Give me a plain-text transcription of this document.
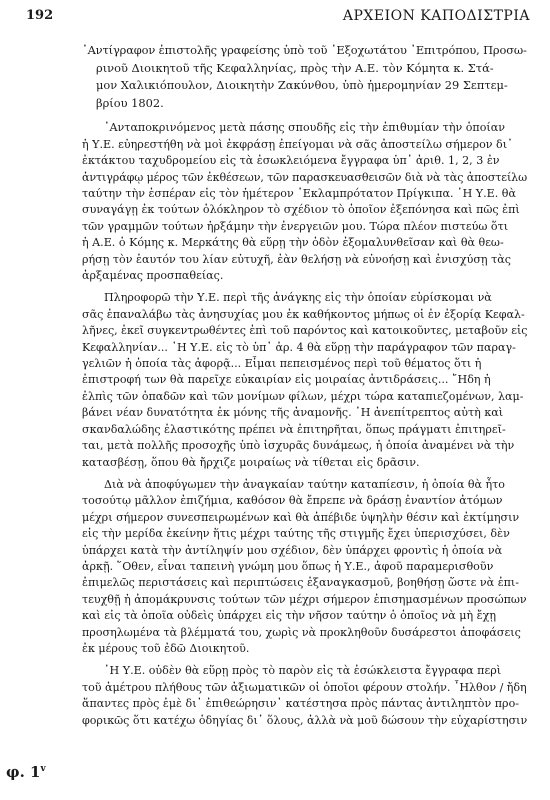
192	ΑΡΧΕΙΟΝ ΚΑΠΟΔΙΣΤΡΙΑ

᾽Αντίγραφον ἐπιστολῆς γραφείσης ὑπὸ τοῦ ᾽Εξοχωτάτου ᾽Επιτρόπου, Προσω-
ρινοῦ Διοικητοῦ τῆς Κεφαλληνίας, πρὸς τὴν Α.Ε. τὸν Κόμητα κ. Στά-
μον Χαλικιόπουλον, Διοικητὴν Ζακύνθου, ὑπὸ ἡμερομηνίαν 29 Σεπτεμ-
βρίου 1802.

᾽Ανταποκρινόμενος μετὰ πάσης σπουδῆς εἰς τὴν ἐπιθυμίαν τὴν ὁποίαν
ἡ Υ.Ε. εὐηρεστήθη νὰ μοὶ ἐκφράσῃ ἐπείγομαι νὰ σᾶς ἀποστείλω σήμερον δι᾽
ἐκτάκτου ταχυδρομείου εἰς τὰ ἐσωκλειόμενα ἔγγραφα ὑπ᾽ ἀριθ. 1, 2, 3 ἐν
ἀντιγράφῳ μέρος τῶν ἐκθέσεων, τῶν παρασκευασθεισῶν διὰ νὰ τὰς ἀποστείλω
ταύτην τὴν ἑσπέραν εἰς τὸν ἡμέτερον ᾽Εκλαμπρότατον Πρίγκιπα. ῾Η Υ.Ε. θὰ
συναγάγῃ ἐκ τούτων ὁλόκληρον τὸ σχέδιον τὸ ὁποῖον ἐξεπόνησα καὶ πῶς ἐπὶ
τῶν γραμμῶν τούτων ἠρξάμην τὴν ἐνεργειῶν μου. Τώρα πλέον πιστεύω ὅτι
ἡ Α.Ε. ὁ Κόμης κ. Μερκάτης θὰ εὕρῃ τὴν ὁδὸν ἐξομαλυνθεῖσαν καὶ θὰ θεω-
ρήσῃ τὸν ἑαυτόν του λίαν εὐτυχῆ, ἐὰν θελήσῃ νὰ εὐνοήσῃ καὶ ἐνισχύσῃ τὰς
ἀρξαμένας προσπαθείας.

Πληροφορῶ τὴν Υ.Ε. περὶ τῆς ἀνάγκης εἰς τὴν ὁποίαν εὑρίσκομαι νὰ
σᾶς ἐπαναλάβω τὰς ἀνησυχίας μου ἐκ καθήκοντος μήπως οἱ ἐν ἐξορίᾳ Κεφαλ-
λῆνες, ἐκεῖ συγκεντρωθέντες ἐπὶ τοῦ παρόντος καὶ κατοικοῦντες, μεταβοῦν εἰς
Κεφαλληνίαν... ῾Η Υ.Ε. εἰς τὸ ὑπ᾽ ἀρ. 4 θὰ εὕρῃ τὴν παράγραφον τῶν παραγ-
γελιῶν ἡ ὁποία τὰς ἀφορᾷ... Εἶμαι πεπεισμένος περὶ τοῦ θέματος ὅτι ἡ
ἐπιστροφή των θὰ παρεῖχε εὐκαιρίαν εἰς μοιραίας ἀντιδράσεις... ῎Ηδη ἡ
ἐλπὶς τῶν ὀπαδῶν καὶ τῶν μονίμων φίλων, μέχρι τώρα καταπιεζομένων, λαμ-
βάνει νέαν δυνατότητα ἐκ μόνης τῆς ἀναμονῆς. ῾Η ἀνεπίτρεπτος αὐτὴ καὶ
σκανδαλώδης ἐλαστικότης πρέπει νὰ ἐπιτηρῆται, ὅπως πράγματι ἐπιτηρεῖ-
ται, μετὰ πολλῆς προσοχῆς ὑπὸ ἰσχυρᾶς δυνάμεως, ἡ ὁποία ἀναμένει νὰ τὴν
κατασβέσῃ, ὅπου θὰ ἤρχιζε μοιραίως νὰ τίθεται εἰς δρᾶσιν.

Διὰ νὰ ἀποφύγωμεν τὴν ἀναγκαίαν ταύτην καταπίεσιν, ἡ ὁποία θὰ ἦτο
τοσούτῳ μᾶλλον ἐπιζήμια, καθόσον θὰ ἔπρεπε νὰ δράσῃ ἐναντίον ἀτόμων
μέχρι σήμερον συνεσπειρωμένων καὶ θὰ ἀπέβιδε ὑψηλὴν θέσιν καὶ ἐκτίμησιν
εἰς τὴν μερίδα ἐκείνην ἥτις μέχρι ταύτης τῆς στιγμῆς ἔχει ὑπερισχύσει, δὲν
ὑπάρχει κατὰ τὴν ἀντίληψίν μου σχέδιον, δὲν ὑπάρχει φροντὶς ἡ ὁποία νὰ
ἀρκῇ. ῞Οθεν, εἶναι ταπεινὴ γνώμη μου ὅπως ἡ Υ.Ε., ἀφοῦ παραμερισθοῦν
ἐπιμελῶς περιστάσεις καὶ περιπτώσεις ἐξαναγκασμοῦ, βοηθήσῃ ὥστε νὰ ἐπι-
τευχθῇ ἡ ἀπομάκρυνσις τούτων τῶν μέχρι σήμερον ἐπισημασμένων προσώπων
καὶ εἰς τὰ ὁποῖα οὐδεὶς ὑπάρχει εἰς τὴν νῆσον ταύτην ὁ ὁποῖος νὰ μὴ ἔχῃ
προσηλωμένα τὰ βλέμματά του, χωρὶς νὰ προκληθοῦν δυσάρεστοι ἀποφάσεις
ἐκ μέρους τοῦ ἐδῶ Διοικητοῦ.

῾Η Υ.Ε. οὐδὲν θὰ εὕρῃ πρὸς τὸ παρὸν εἰς τὰ ἐσώκλειστα ἔγγραφα περὶ
τοῦ ἀμέτρου πλήθους τῶν ἀξιωματικῶν οἱ ὁποῖοι φέρουν στολήν. ῏Ηλθον / ἤδη
ἅπαντες πρὸς ἐμὲ δι᾽ ἐπιθεώρησιν᾽ κατέστησα πρὸς πάντας ἀντιληπτὸν προ-
φορικῶς ὅτι κατέχω ὁδηγίας δι᾽ ὅλους, ἀλλὰ νὰ μοῦ δώσουν τὴν εὐχαρίστησιν

φ. 1$^v$
